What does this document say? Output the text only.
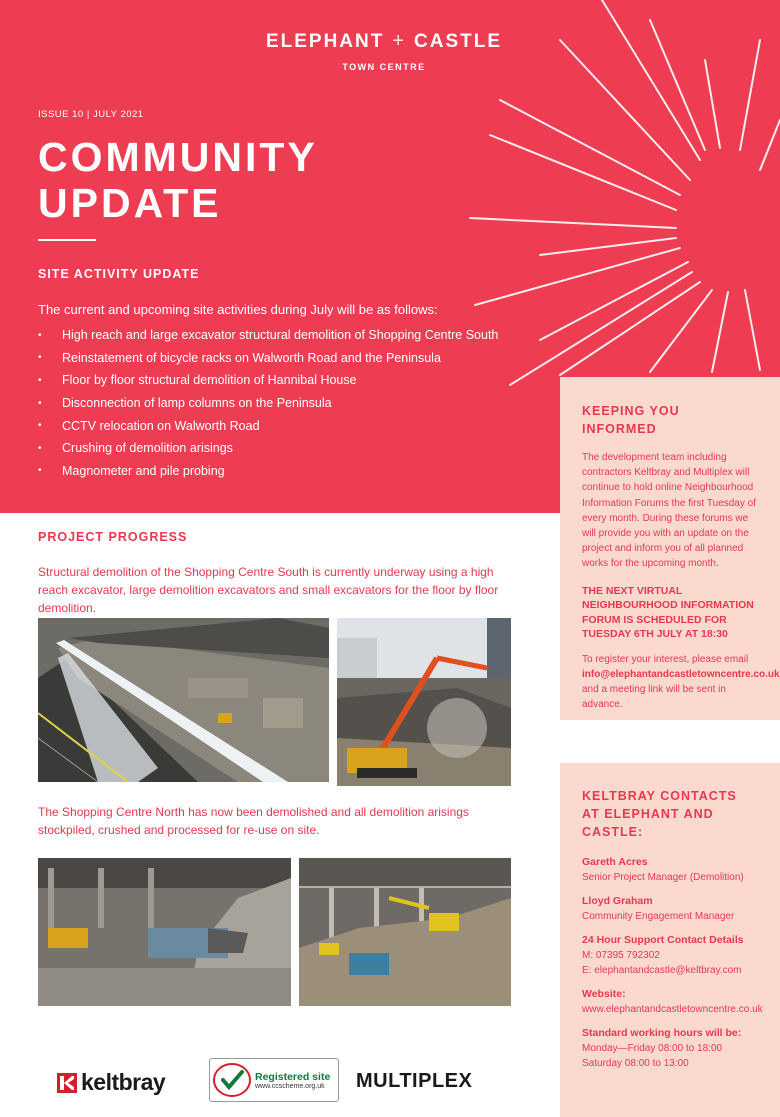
ELEPHANT + CASTLE
TOWN CENTRE
ISSUE 10 | JULY 2021
COMMUNITY
UPDATE
SITE ACTIVITY UPDATE
The current and upcoming site activities during July will be as follows:
•	High reach and large excavator structural demolition of Shopping Centre South
•	Reinstatement of bicycle racks on Walworth Road and the Peninsula
•	Floor by floor structural demolition of Hannibal House
•	Disconnection of lamp columns on the Peninsula
•	CCTV relocation on Walworth Road
•	Crushing of demolition arisings
•	Magnometer and pile probing
PROJECT PROGRESS
Structural demolition of the Shopping Centre South is currently underway using a high reach excavator, large demolition excavators and small excavators for the floor by floor demolition.
The Shopping Centre North has now been demolished and all demolition arisings stockpiled, crushed and processed for re-use on site.
KEEPING YOU INFORMED
The development team including contractors Keltbray and Multiplex will continue to hold online Neighbourhood Information Forums the first Tuesday of every month. During these forums we will provide you with an update on the project and inform you of all planned works for the upcoming month.
THE NEXT VIRTUAL NEIGHBOURHOOD INFORMATION FORUM IS SCHEDULED FOR TUESDAY 6TH JULY AT 18:30
To register your interest, please email info@elephantandcastletowncentre.co.uk and a meeting link will be sent in advance.
KELTBRAY CONTACTS AT ELEPHANT AND CASTLE:
Gareth Acres
Senior Project Manager (Demolition)
Lloyd Graham
Community Engagement Manager
24 Hour Support Contact Details
M: 07395 792302
E: elephantandcastle@keltbray.com
Website:
www.elephantandcastletowncentre.co.uk
Standard working hours will be:
Monday—Friday 08:00 to 18:00
Saturday 08:00 to 13:00
keltbray	Registered site
www.ccscheme.org.uk MULTIPLEX
